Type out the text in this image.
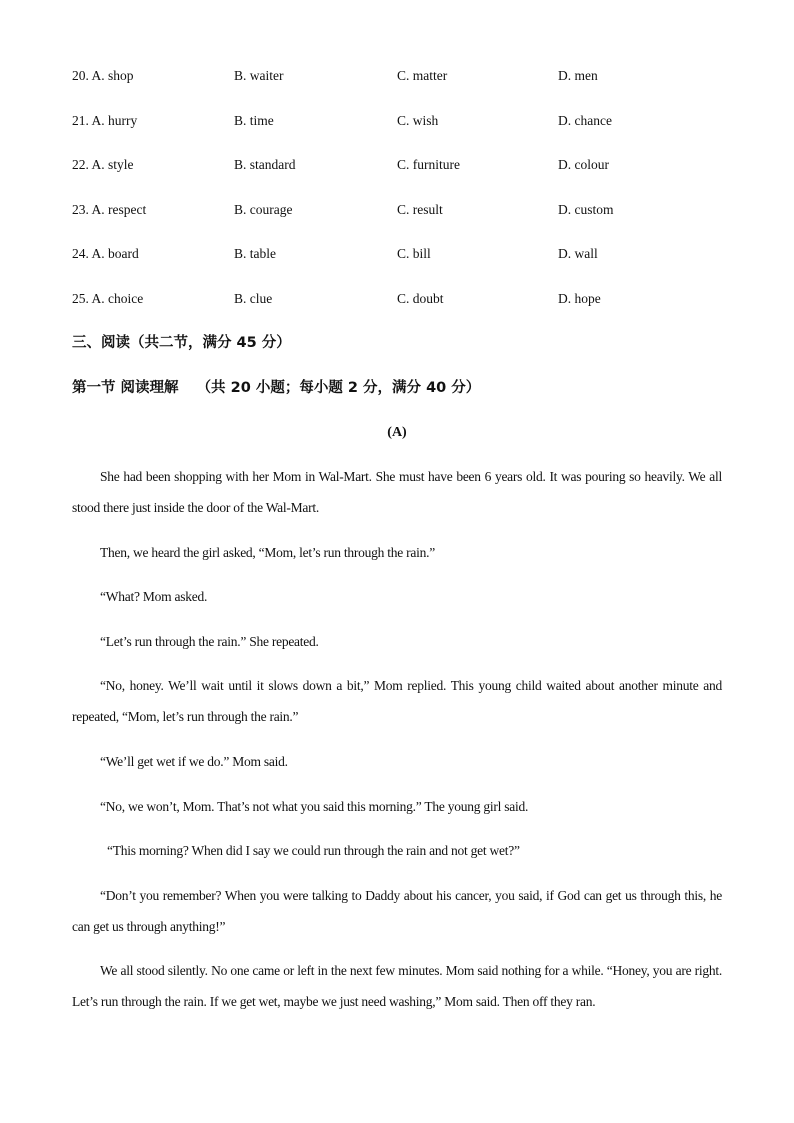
20. A. shop	B. waiter	C. matter	D. men
21. A. hurry	B. time	C. wish	D. chance
22. A. style	B. standard	C. furniture	D. colour
23. A. respect	B. courage	C. result	D. custom
24. A. board	B. table	C. bill	D. wall
25. A. choice	B. clue	C. doubt	D. hope
三、阅读（共二节，满分 45 分）
第一节 阅读理解 （共 20 小题；每小题 2 分，满分 40 分）
(A)

She had been shopping with her Mom in Wal-Mart. She must have been 6 years old. It was pouring so heavily. We all stood there just inside the door of the Wal-Mart.

Then, we heard the girl asked, “Mom, let’s run through the rain.”

“What? Mom asked.

“Let’s run through the rain.” She repeated.

“No, honey. We’ll wait until it slows down a bit,” Mom replied. This young child waited about another minute and repeated, “Mom, let’s run through the rain.”

“We’ll get wet if we do.” Mom said.

“No, we won’t, Mom. That’s not what you said this morning.” The young girl said.

“This morning? When did I say we could run through the rain and not get wet?”

“Don’t you remember? When you were talking to Daddy about his cancer, you said, if God can get us through this, he can get us through anything!”

We all stood silently. No one came or left in the next few minutes. Mom said nothing for a while. “Honey, you are right. Let’s run through the rain. If we get wet, maybe we just need washing,” Mom said. Then off they ran.
